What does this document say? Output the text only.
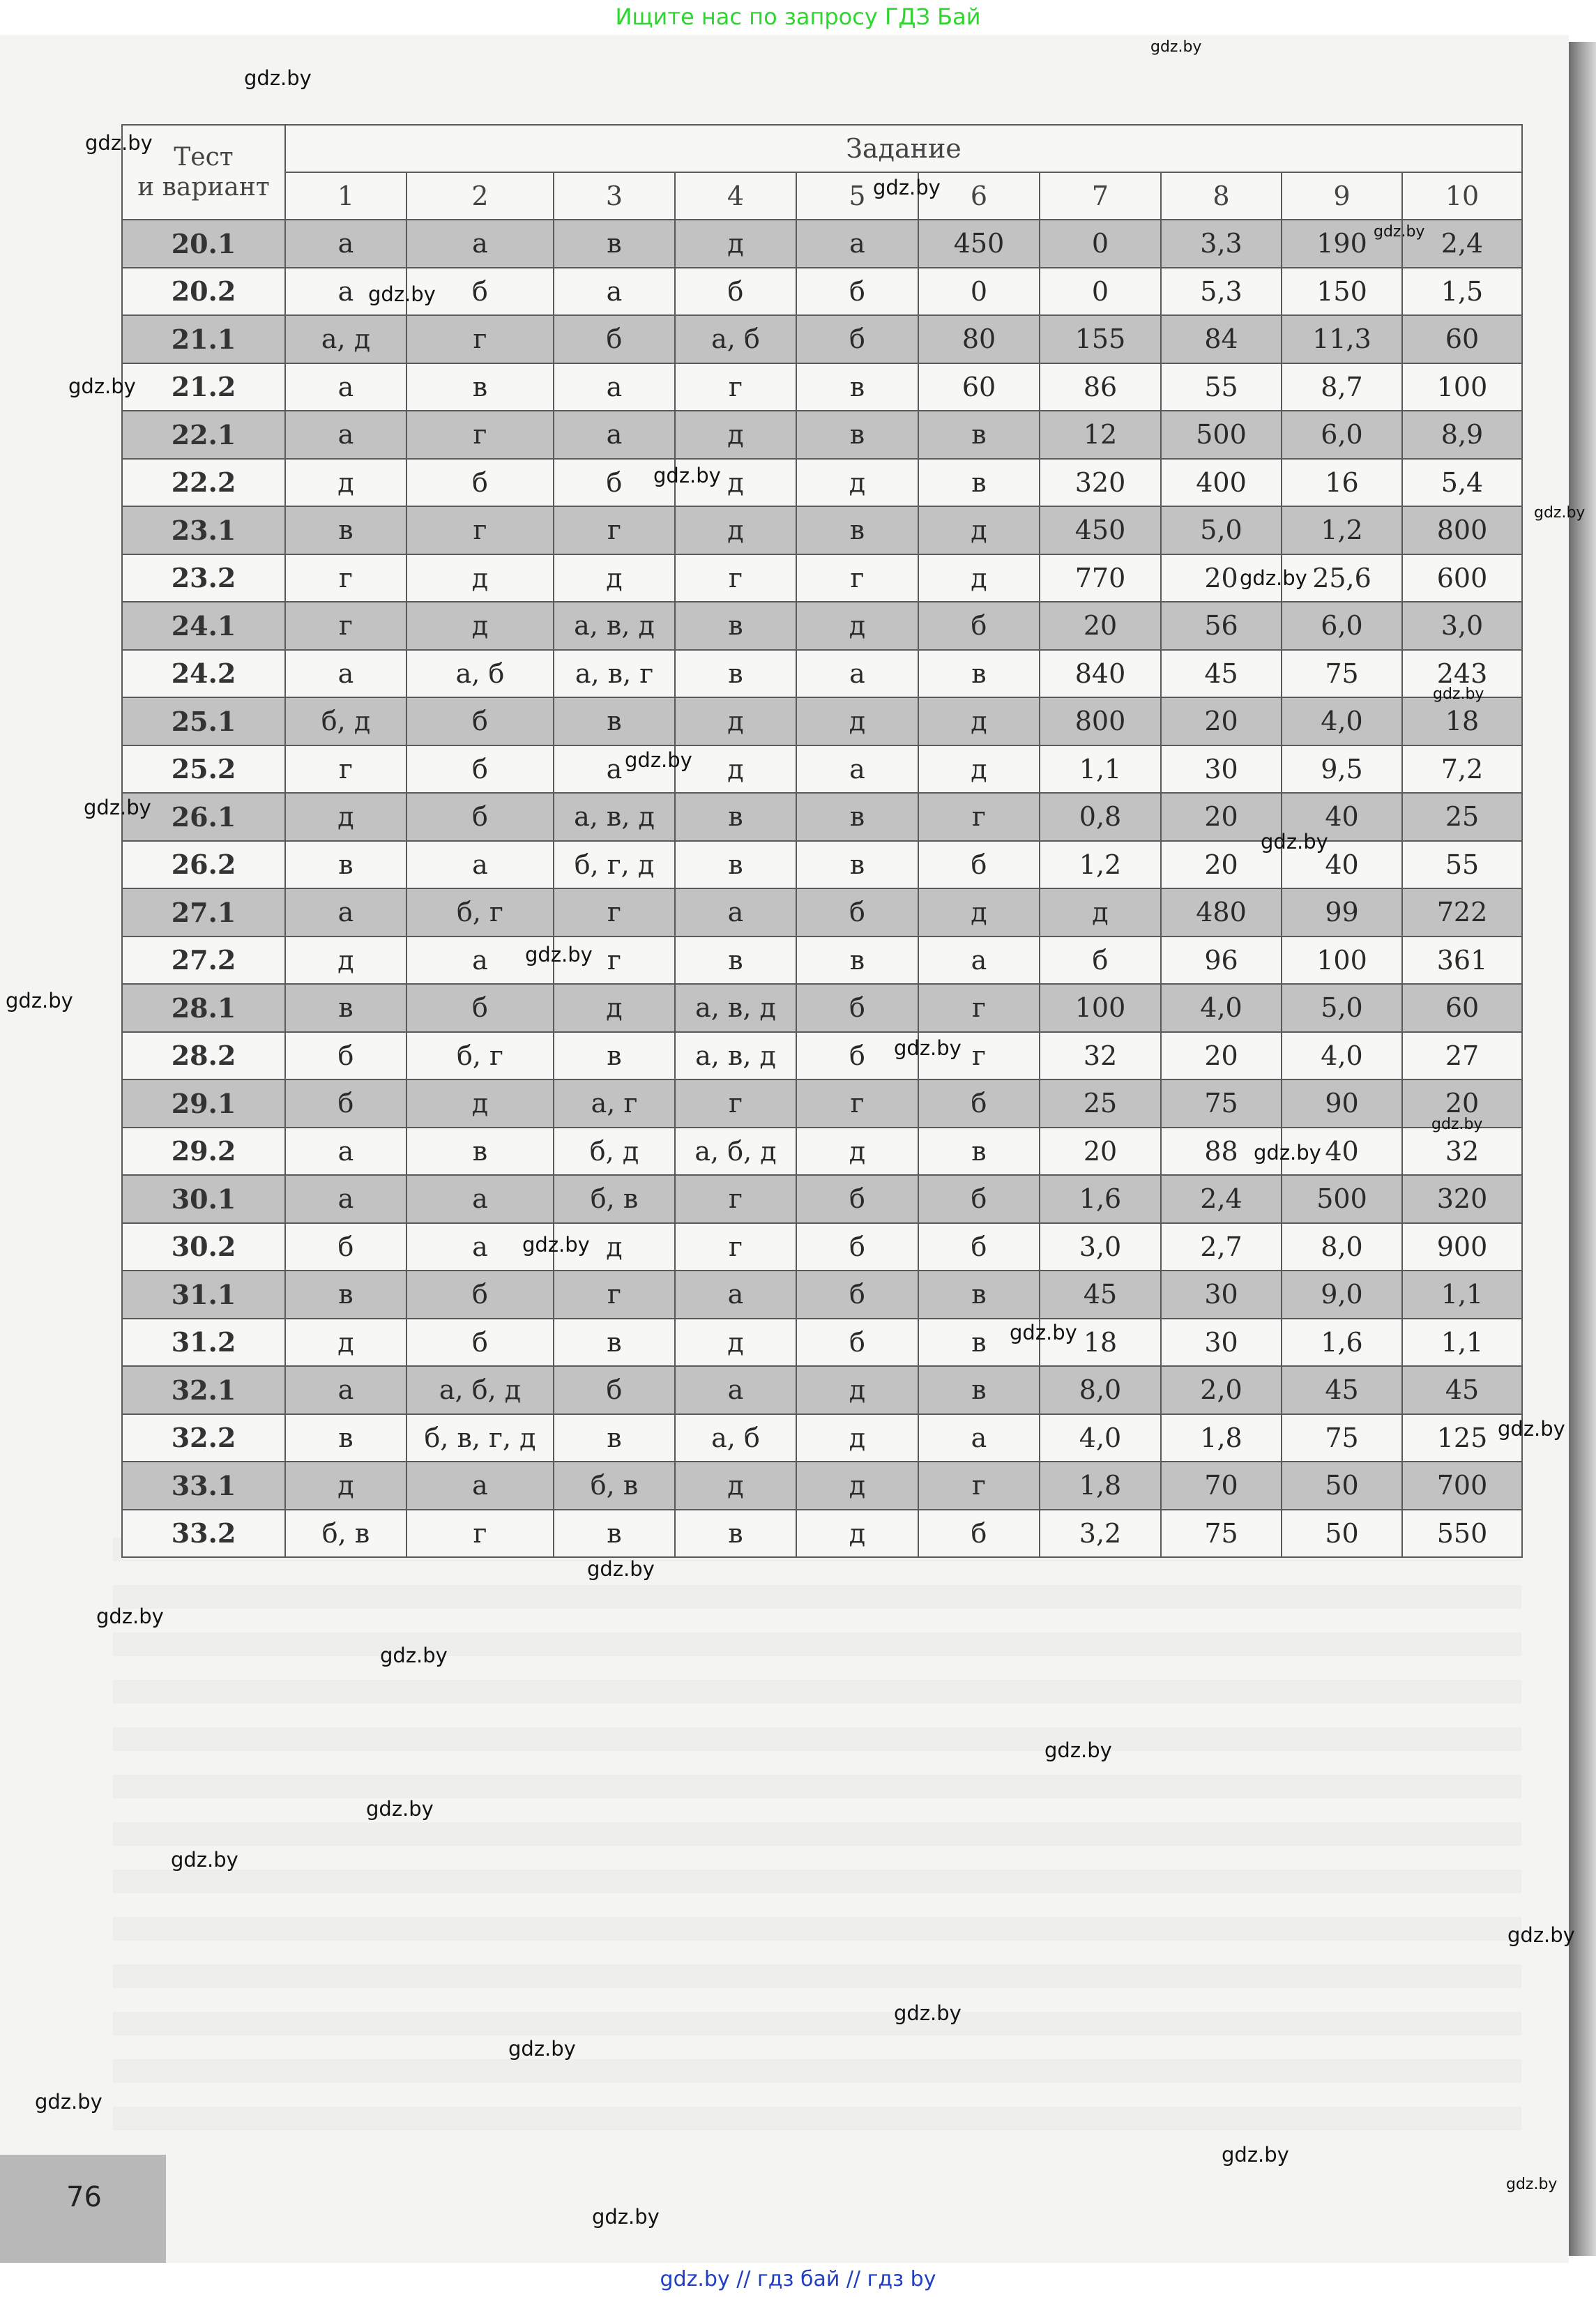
Ищите нас по запросу ГДЗ Бай
Тест
и вариант	Задание									
	1	2	3	4	5	6	7	8	9	10
20.1	а	а	в	д	а	450	0	3,3	190	2,4
20.2	а	б	а	б	б	0	0	5,3	150	1,5
21.1	а, д	г	б	а, б	б	80	155	84	11,3	60
21.2	а	в	а	г	в	60	86	55	8,7	100
22.1	а	г	а	д	в	в	12	500	6,0	8,9
22.2	д	б	б	д	д	в	320	400	16	5,4
23.1	в	г	г	д	в	д	450	5,0	1,2	800
23.2	г	д	д	г	г	д	770	20	25,6	600
24.1	г	д	а, в, д	в	д	б	20	56	6,0	3,0
24.2	а	а, б	а, в, г	в	а	в	840	45	75	243
25.1	б, д	б	в	д	д	д	800	20	4,0	18
25.2	г	б	а	д	а	д	1,1	30	9,5	7,2
26.1	д	б	а, в, д	в	в	г	0,8	20	40	25
26.2	в	а	б, г, д	в	в	б	1,2	20	40	55
27.1	а	б, г	г	а	б	д	д	480	99	722
27.2	д	а	г	в	в	а	б	96	100	361
28.1	в	б	д	а, в, д	б	г	100	4,0	5,0	60
28.2	б	б, г	в	а, в, д	б	г	32	20	4,0	27
29.1	б	д	а, г	г	г	б	25	75	90	20
29.2	а	в	б, д	а, б, д	д	в	20	88	40	32
30.1	а	а	б, в	г	б	б	1,6	2,4	500	320
30.2	б	а	д	г	б	б	3,0	2,7	8,0	900
31.1	в	б	г	а	б	в	45	30	9,0	1,1
31.2	д	б	в	д	б	в	18	30	1,6	1,1
32.1	а	а, б, д	б	а	д	в	8,0	2,0	45	45
32.2	в	б, в, г, д	в	а, б	д	а	4,0	1,8	75	125
33.1	д	а	б, в	д	д	г	1,8	70	50	700
33.2	б, в	г	в	в	д	б	3,2	75	50	550
76
gdz.by
gdz.by
gdz.by
gdz.by
gdz.by
gdz.by
gdz.by
gdz.by
gdz.by
gdz.by
gdz.by
gdz.by
gdz.by
gdz.by
gdz.by
gdz.by
gdz.by
gdz.by
gdz.by
gdz.by
gdz.by
gdz.by
gdz.by
gdz.by
gdz.by
gdz.by
gdz.by
gdz.by
gdz.by
gdz.by
gdz.by
gdz.by
gdz.by
gdz.by
gdz.by
gdz.by // гдз бай // гдз by
